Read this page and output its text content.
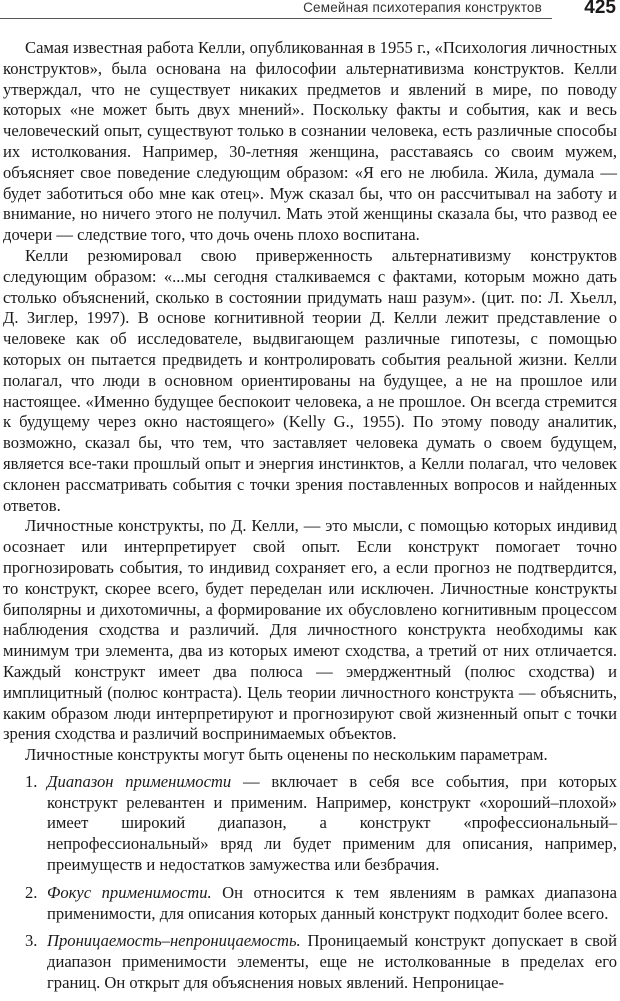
Семейная психотерапия конструктов 425

Самая известная работа Келли, опубликованная в 1955 г., «Психология личностных конструктов», была основана на философии альтернативизма конструктов. Келли утверждал, что не существует никаких предметов и явлений в мире, по поводу которых «не может быть двух мнений». Поскольку факты и события, как и весь человеческий опыт, существуют только в сознании человека, есть различные способы их истолкования. Например, 30-летняя женщина, расставаясь со своим мужем, объясняет свое поведение следующим образом: «Я его не любила. Жила, думала — будет заботиться обо мне как отец». Муж сказал бы, что он рассчитывал на заботу и внимание, но ничего этого не получил. Мать этой женщины сказала бы, что развод ее дочери — следствие того, что дочь очень плохо воспитана.

Келли резюмировал свою приверженность альтернативизму конструктов следующим образом: «...мы сегодня сталкиваемся с фактами, которым можно дать столько объяснений, сколько в состоянии придумать наш разум». (цит. по: Л. Хьелл, Д. Зиглер, 1997). В основе когнитивной теории Д. Келли лежит представление о человеке как об исследователе, выдвигающем различные гипотезы, с помощью которых он пытается предвидеть и контролировать события реальной жизни. Келли полагал, что люди в основном ориентированы на будущее, а не на прошлое или настоящее. «Именно будущее беспокоит человека, а не прошлое. Он всегда стремится к будущему через окно настоящего» (Kelly G., 1955). По этому поводу аналитик, возможно, сказал бы, что тем, что заставляет человека думать о своем будущем, является все-таки прошлый опыт и энергия инстинктов, а Келли полагал, что человек склонен рассматривать события с точки зрения поставленных вопросов и найденных ответов.

Личностные конструкты, по Д. Келли, — это мысли, с помощью которых индивид осознает или интерпретирует свой опыт. Если конструкт помогает точно прогнозировать события, то индивид сохраняет его, а если прогноз не подтвердится, то конструкт, скорее всего, будет переделан или исключен. Личностные конструкты биполярны и дихотомичны, а формирование их обусловлено когнитивным процессом наблюдения сходства и различий. Для личностного конструкта необходимы как минимум три элемента, два из которых имеют сходства, а третий от них отличается. Каждый конструкт имеет два полюса — эмерджентный (полюс сходства) и имплицитный (полюс контраста). Цель теории личностного конструкта — объяснить, каким образом люди интерпретируют и прогнозируют свой жизненный опыт с точки зрения сходства и различий воспринимаемых объектов.

Личностные конструкты могут быть оценены по нескольким параметрам.

1. Диапазон применимости — включает в себя все события, при которых конструкт релевантен и применим. Например, конструкт «хороший–плохой» имеет широкий диапазон, а конструкт «профессиональный–непрофессиональный» вряд ли будет применим для описания, например, преимуществ и недостатков замужества или безбрачия.
2. Фокус применимости. Он относится к тем явлениям в рамках диапазона применимости, для описания которых данный конструкт подходит более всего.
3. Проницаемость–непроницаемость. Проницаемый конструкт допускает в свой диапазон применимости элементы, еще не истолкованные в пределах его границ. Он открыт для объяснения новых явлений. Непроницае-
